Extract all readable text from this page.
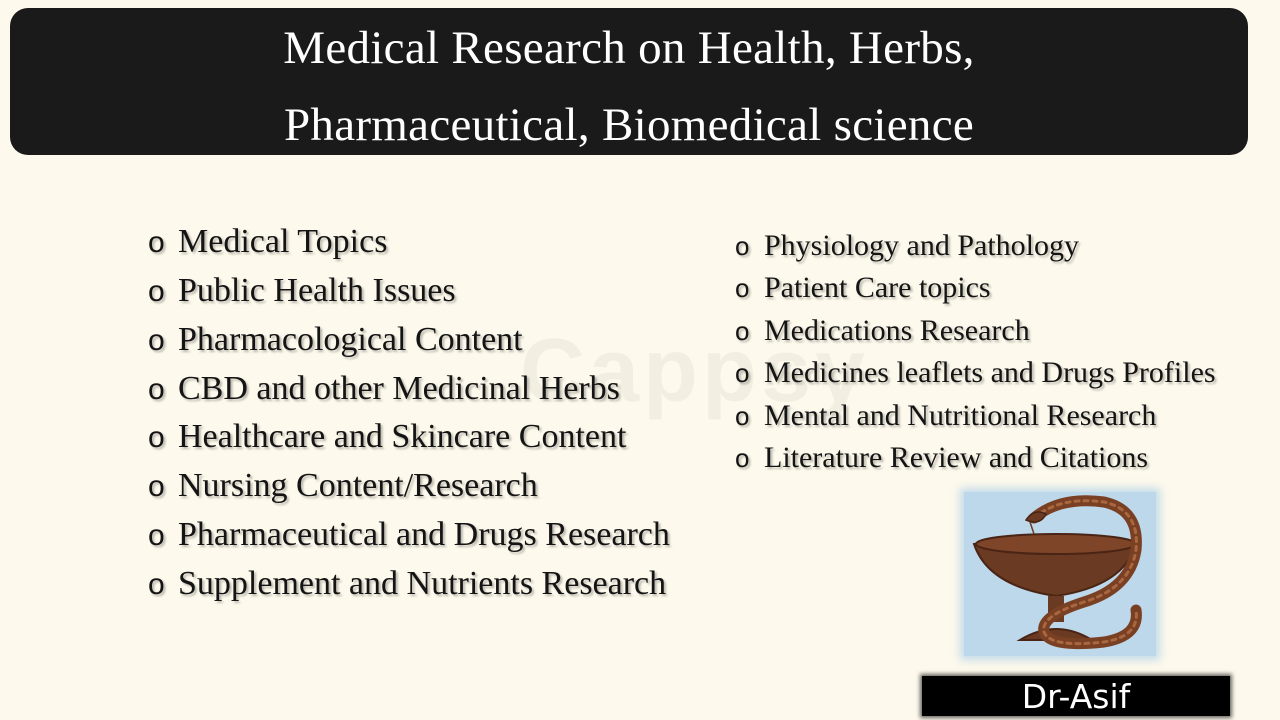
Medical Research on Health, Herbs,
Pharmaceutical, Biomedical science
o Medical Topics
o Public Health Issues
o Pharmacological Content
o CBD and other Medicinal Herbs
o Healthcare and Skincare Content
o Nursing Content/Research
o Pharmaceutical and Drugs Research
o Supplement and Nutrients Research
o Physiology and Pathology
o Patient Care topics
o Medications Research
o Medicines leaflets and Drugs Profiles
o Mental and Nutritional Research
o Literature Review and Citations
Dr-Asif
